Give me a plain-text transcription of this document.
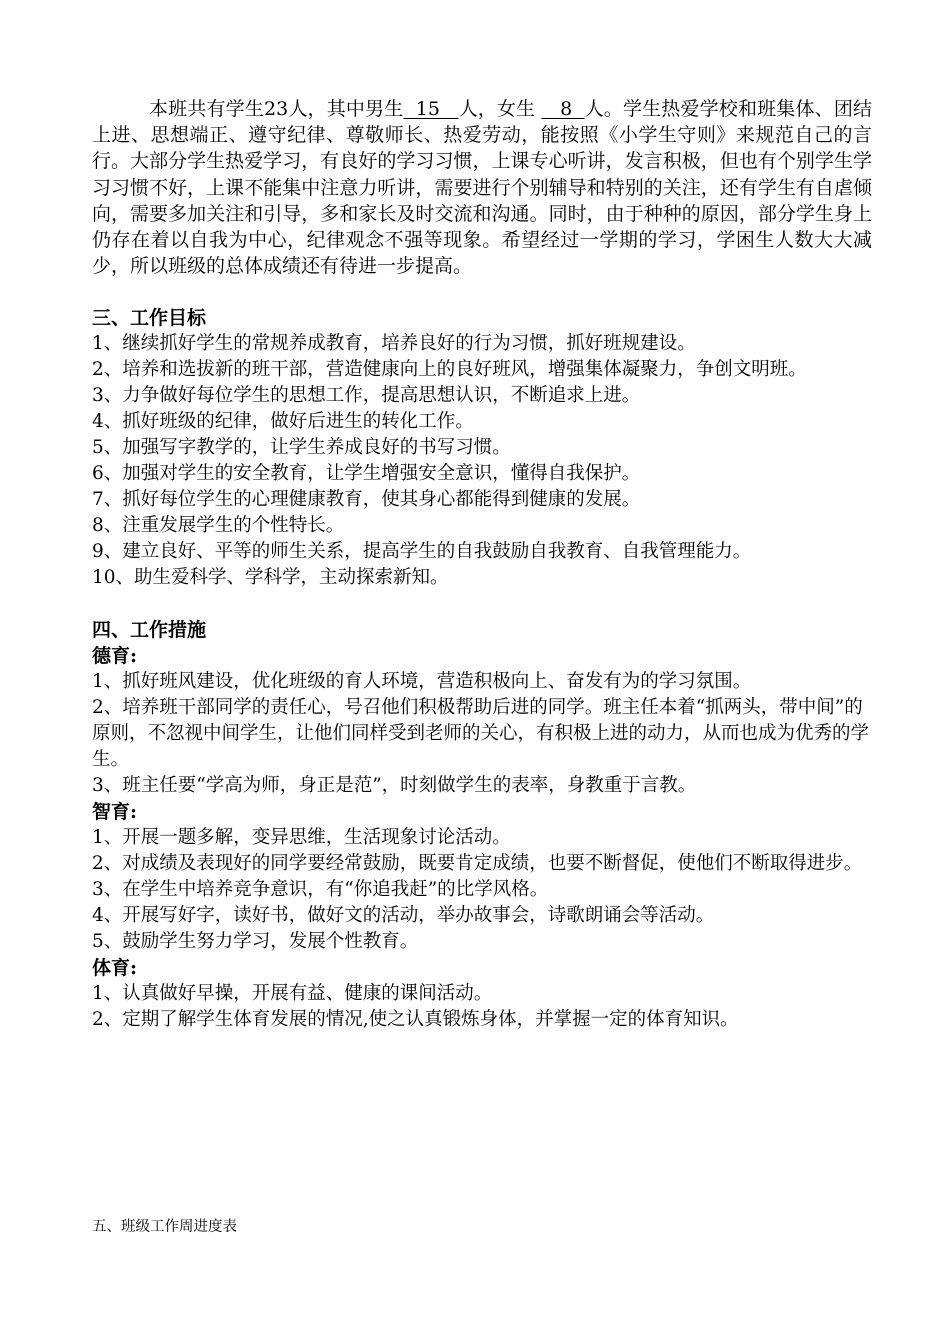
本班共有学生23人，其中男生  15   人，女生    8  人。学生热爱学校和班集体、团结上进、思想端正、遵守纪律、尊敬师长、热爱劳动，能按照《小学生守则》来规范自己的言行。大部分学生热爱学习，有良好的学习习惯，上课专心听讲，发言积极，但也有个别学生学习习惯不好，上课不能集中注意力听讲，需要进行个别辅导和特别的关注，还有学生有自虐倾向，需要多加关注和引导，多和家长及时交流和沟通。同时，由于种种的原因，部分学生身上仍存在着以自我为中心，纪律观念不强等现象。希望经过一学期的学习，学困生人数大大减少，所以班级的总体成绩还有待进一步提高。

三、工作目标

1、继续抓好学生的常规养成教育，培养良好的行为习惯，抓好班规建设。

2、培养和选拔新的班干部，营造健康向上的良好班风，增强集体凝聚力，争创文明班。

3、力争做好每位学生的思想工作，提高思想认识，不断追求上进。

4、抓好班级的纪律，做好后进生的转化工作。

5、加强写字教学的，让学生养成良好的书写习惯。

6、加强对学生的安全教育，让学生增强安全意识，懂得自我保护。

7、抓好每位学生的心理健康教育，使其身心都能得到健康的发展。

8、注重发展学生的个性特长。

9、建立良好、平等的师生关系，提高学生的自我鼓励自我教育、自我管理能力。

10、助生爱科学、学科学，主动探索新知。

四、工作措施

德育:

1、抓好班风建设，优化班级的育人环境，营造积极向上、奋发有为的学习氛围。

2、培养班干部同学的责任心，号召他们积极帮助后进的同学。班主任本着“抓两头，带中间”的原则，不忽视中间学生，让他们同样受到老师的关心，有积极上进的动力，从而也成为优秀的学生。

3、班主任要“学高为师，身正是范”，时刻做学生的表率，身教重于言教。

智育:

1、开展一题多解，变异思维，生活现象讨论活动。

2、对成绩及表现好的同学要经常鼓励，既要肯定成绩，也要不断督促，使他们不断取得进步。

3、在学生中培养竞争意识，有“你追我赶”的比学风格。

4、开展写好字，读好书，做好文的活动，举办故事会，诗歌朗诵会等活动。

5、鼓励学生努力学习，发展个性教育。

体育:

1、认真做好早操，开展有益、健康的课间活动。

2、定期了解学生体育发展的情况,使之认真锻炼身体，并掌握一定的体育知识。

五、班级工作周进度表
